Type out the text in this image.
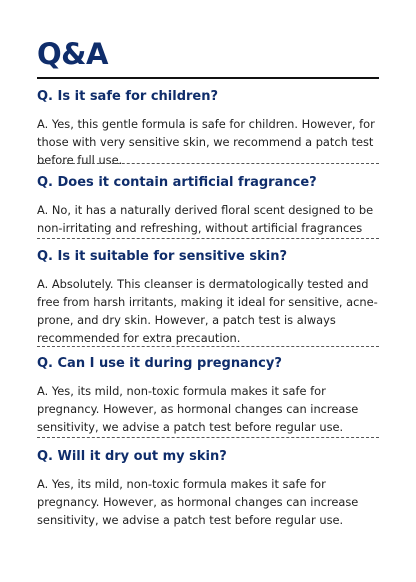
Q&A
Q. Is it safe for children?
A. Yes, this gentle formula is safe for children. However, for those with very sensitive skin, we recommend a patch test before full use.
Q. Does it contain artificial fragrance?
A. No, it has a naturally derived floral scent designed to be non-irritating and refreshing, without artificial fragrances
Q. Is it suitable for sensitive skin?
A. Absolutely. This cleanser is dermatologically tested and free from harsh irritants, making it ideal for sensitive, acne-prone, and dry skin. However, a patch test is always recommended for extra precaution.
Q. Can I use it during pregnancy?
A. Yes, its mild, non-toxic formula makes it safe for pregnancy. However, as hormonal changes can increase sensitivity, we advise a patch test before regular use.
Q. Will it dry out my skin?
A. Yes, its mild, non-toxic formula makes it safe for pregnancy. However, as hormonal changes can increase sensitivity, we advise a patch test before regular use.
